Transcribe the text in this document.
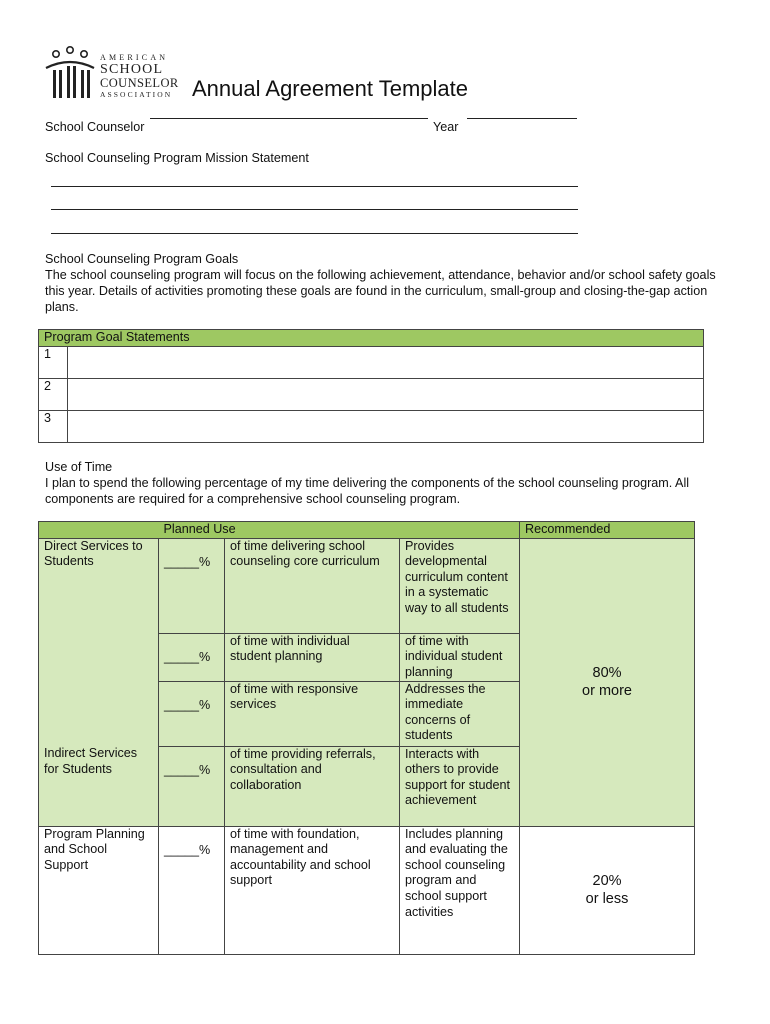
AMERICAN
SCHOOL
COUNSELOR
ASSOCIATION Annual Agreement Template
School Counselor	Year
School Counseling Program Mission Statement
School Counseling Program Goals
The school counseling program will focus on the following achievement, attendance, behavior and/or school safety goals this year. Details of activities promoting these goals are found in the curriculum, small-group and closing-the-gap action plans.
Program Goal Statements	
1	
2	
3	
Use of Time
I plan to spend the following percentage of my time delivering the components of the school counseling program. All components are required for a comprehensive school counseling program.
	Planned Use			Recommended
Direct Services to Students	_____%	of time delivering school counseling core curriculum	Provides developmental curriculum content in a systematic way to all students	80%
or more

	_____%	of time with individual student planning	of time with individual student planning	
	_____%	of time with responsive services	Addresses the immediate concerns of students	
Indirect Services for Students	_____%	of time providing referrals, consultation and collaboration	Interacts with others to provide support for student achievement	
Program Planning and School Support	_____%	of time with foundation, management and accountability and school support	Includes planning and evaluating the school counseling program and school support activities	20%
or less
